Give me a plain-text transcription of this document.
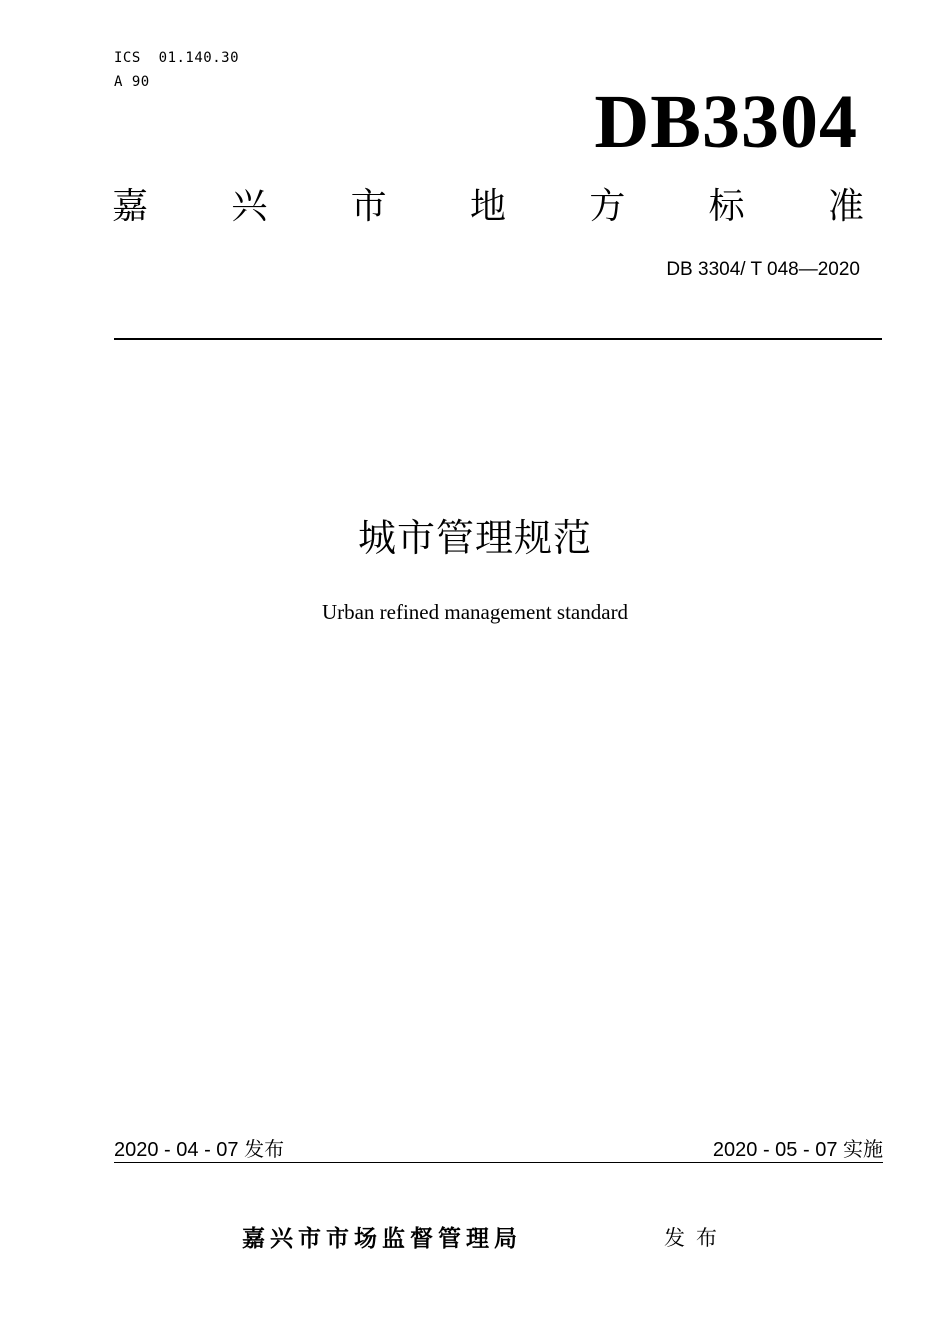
ICS  01.140.30
A 90	DB3304
嘉 兴 市 地 方 标 准
DB 3304/ T 048—2020
城市管理规范
Urban refined management standard
2020 - 04 - 07 发布	2020 - 05 - 07 实施
嘉兴市市场监督管理局	发布
